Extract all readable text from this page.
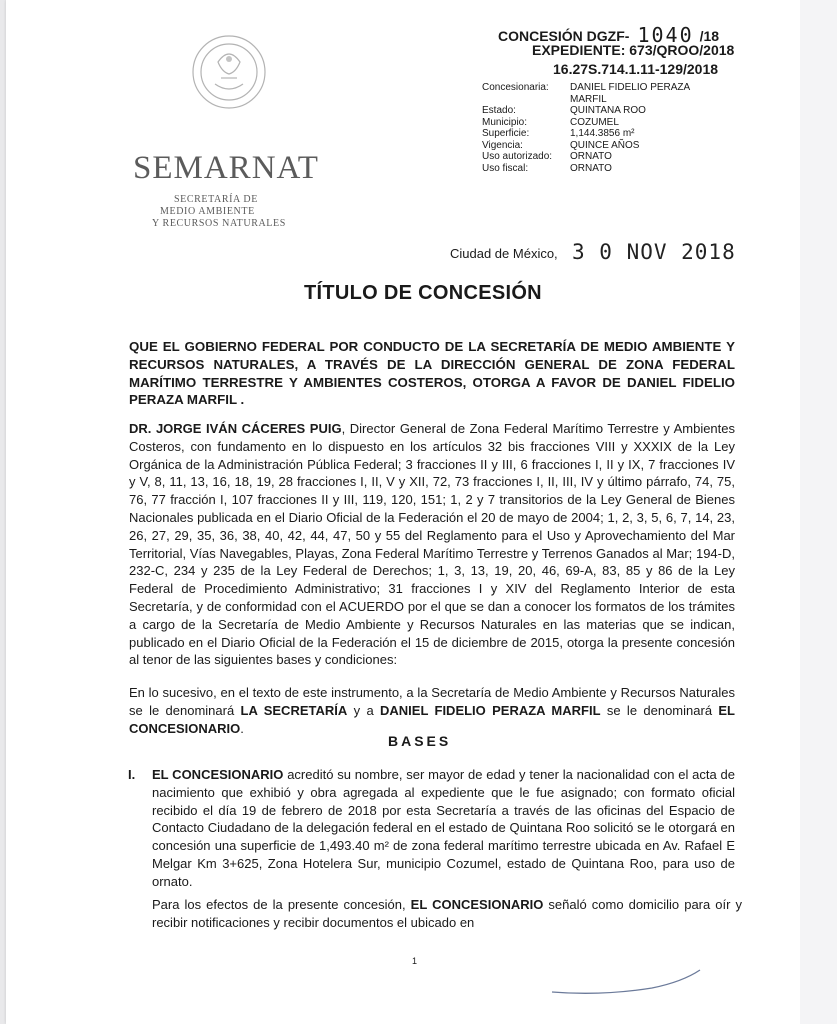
SEMARNAT
SECRETARÍA DE
MEDIO AMBIENTE
Y RECURSOS NATURALES
CONCESIÓN DGZF- 1040 /18
EXPEDIENTE: 673/QROO/2018
16.27S.714.1.11-129/2018
Concesionaria:	DANIEL FIDELIO PERAZA
MARFIL
Estado:	QUINTANA ROO
Municipio:	COZUMEL
Superficie:	1,144.3856 m²
Vigencia:	QUINCE AÑOS
Uso autorizado:	ORNATO
Uso fiscal:	ORNATO
Ciudad de México, 3 0 NOV 2018
TÍTULO DE CONCESIÓN
QUE EL GOBIERNO FEDERAL POR CONDUCTO DE LA SECRETARÍA DE MEDIO AMBIENTE Y RECURSOS NATURALES, A TRAVÉS DE LA DIRECCIÓN GENERAL DE ZONA FEDERAL MARÍTIMO TERRESTRE Y AMBIENTES COSTEROS, OTORGA A FAVOR DE DANIEL FIDELIO PERAZA MARFIL .
DR. JORGE IVÁN CÁCERES PUIG, Director General de Zona Federal Marítimo Terrestre y Ambientes Costeros, con fundamento en lo dispuesto en los artículos 32 bis fracciones VIII y XXXIX de la Ley Orgánica de la Administración Pública Federal; 3 fracciones II y III, 6 fracciones I, II y IX, 7 fracciones IV y V, 8, 11, 13, 16, 18, 19, 28 fracciones I, II, V y XII, 72, 73 fracciones I, II, III, IV y último párrafo, 74, 75, 76, 77 fracción I, 107 fracciones II y III, 119, 120, 151; 1, 2 y 7 transitorios de la Ley General de Bienes Nacionales publicada en el Diario Oficial de la Federación el 20 de mayo de 2004; 1, 2, 3, 5, 6, 7, 14, 23, 26, 27, 29, 35, 36, 38, 40, 42, 44, 47, 50 y 55 del Reglamento para el Uso y Aprovechamiento del Mar Territorial, Vías Navegables, Playas, Zona Federal Marítimo Terrestre y Terrenos Ganados al Mar; 194-D, 232-C, 234 y 235 de la Ley Federal de Derechos; 1, 3, 13, 19, 20, 46, 69-A, 83, 85 y 86 de la Ley Federal de Procedimiento Administrativo; 31 fracciones I y XIV del Reglamento Interior de esta Secretaría, y de conformidad con el ACUERDO por el que se dan a conocer los formatos de los trámites a cargo de la Secretaría de Medio Ambiente y Recursos Naturales en las materias que se indican, publicado en el Diario Oficial de la Federación el 15 de diciembre de 2015, otorga la presente concesión al tenor de las siguientes bases y condiciones:
En lo sucesivo, en el texto de este instrumento, a la Secretaría de Medio Ambiente y Recursos Naturales se le denominará LA SECRETARÍA y a DANIEL FIDELIO PERAZA MARFIL se le denominará EL CONCESIONARIO.
BASES
I. EL CONCESIONARIO acreditó su nombre, ser mayor de edad y tener la nacionalidad con el acta de nacimiento que exhibió y obra agregada al expediente que le fue asignado; con formato oficial recibido el día 19 de febrero de 2018 por esta Secretaría a través de las oficinas del Espacio de Contacto Ciudadano de la delegación federal en el estado de Quintana Roo solicitó se le otorgará en concesión una superficie de 1,493.40 m² de zona federal marítimo terrestre ubicada en Av. Rafael E Melgar Km 3+625, Zona Hotelera Sur, municipio Cozumel, estado de Quintana Roo, para uso de ornato.
Para los efectos de la presente concesión, EL CONCESIONARIO señaló como domicilio para oír y recibir notificaciones y recibir documentos el ubicado en
1
